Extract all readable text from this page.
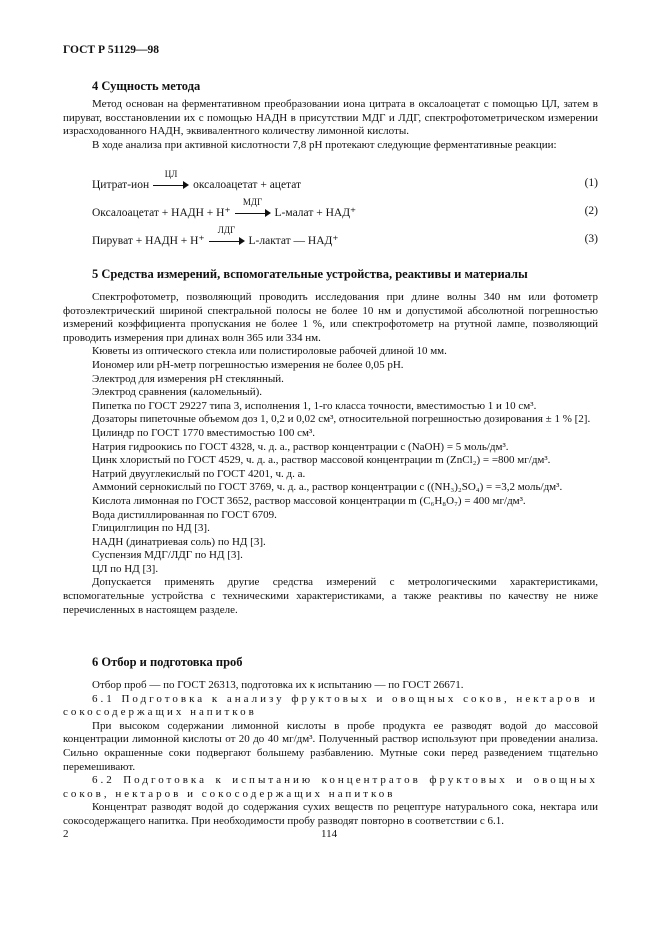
ГОСТ Р 51129—98
4 Сущность метода

Метод основан на ферментативном преобразовании иона цитрата в оксалоацетат с помощью ЦЛ, затем в пируват, восстановлении их с помощью НАДН в присутствии МДГ и ЛДГ, спектрофотометрическом измерении израсходованного НАДН, эквивалентного количеству лимонной кислоты.

В ходе анализа при активной кислотности 7,8 pH протекают следующие ферментативные реакции:

Цитрат-ион
ЦЛ
оксалоацетат + ацетат	(1)
Оксалоацетат + НАДН + H⁺
МДГ
L-малат + НАД⁺	(2)
Пируват + НАДН + H⁺
ЛДГ
L-лактат — НАД⁺	(3)
5 Средства измерений, вспомогательные устройства, реактивы и материалы

Спектрофотометр, позволяющий проводить исследования при длине волны 340 нм или фотометр фотоэлектрический шириной спектральной полосы не более 10 нм и допустимой абсолютной погрешностью измерений коэффициента пропускания не более 1 %, или спектрофотометр на ртутной лампе, позволяющий проводить измерения при длинах волн 365 или 334 нм.

Кюветы из оптического стекла или полистироловые рабочей длиной 10 мм.

Иономер или pH-метр погрешностью измерения не более 0,05 pH.

Электрод для измерения pH стеклянный.

Электрод сравнения (каломельный).

Пипетка по ГОСТ 29227 типа 3, исполнения 1, 1-го класса точности, вместимостью 1 и 10 см³.

Дозаторы пипеточные объемом доз 1, 0,2 и 0,02 см³, относительной погрешностью дозирования ± 1 % [2].

Цилиндр по ГОСТ 1770 вместимостью 100 см³.

Натрия гидроокись по ГОСТ 4328, ч. д. а., раствор концентрации c (NaOH) = 5 моль/дм³.

Цинк хлористый по ГОСТ 4529, ч. д. а., раствор массовой концентрации m (ZnCl₂) = =800 мг/дм³.

Натрий двууглекислый по ГОСТ 4201, ч. д. а.

Аммоний сернокислый по ГОСТ 3769, ч. д. а., раствор концентрации c ((NH₃)₂SO₄) = =3,2 моль/дм³.

Кислота лимонная по ГОСТ 3652, раствор массовой концентрации m (C₆H₈O₇) = 400 мг/дм³.

Вода дистиллированная по ГОСТ 6709.

Глицилглицин по НД [3].

НАДН (динатриевая соль) по НД [3].

Суспензия МДГ/ЛДГ по НД [3].

ЦЛ по НД [3].

Допускается применять другие средства измерений с метрологическими характеристиками, вспомогательные устройства с техническими характеристиками, а также реактивы по качеству не ниже перечисленных в настоящем разделе.

6 Отбор и подготовка проб

Отбор проб — по ГОСТ 26313, подготовка их к испытанию — по ГОСТ 26671.

6.1 Подготовка к анализу фруктовых и овощных соков, нектаров и сокосодержащих напитков

При высоком содержании лимонной кислоты в пробе продукта ее разводят водой до массовой концентрации лимонной кислоты от 20 до 40 мг/дм³. Полученный раствор используют при проведении анализа. Сильно окрашенные соки подвергают большему разбавлению. Мутные соки перед разведением тщательно перемешивают.

6.2 Подготовка к испытанию концентратов фруктовых и овощных соков, нектаров и сокосодержащих напитков

Концентрат разводят водой до содержания сухих веществ по рецептуре натурального сока, нектара или сокосодержащего напитка. При необходимости пробу разводят повторно в соответствии с 6.1.

2	114
